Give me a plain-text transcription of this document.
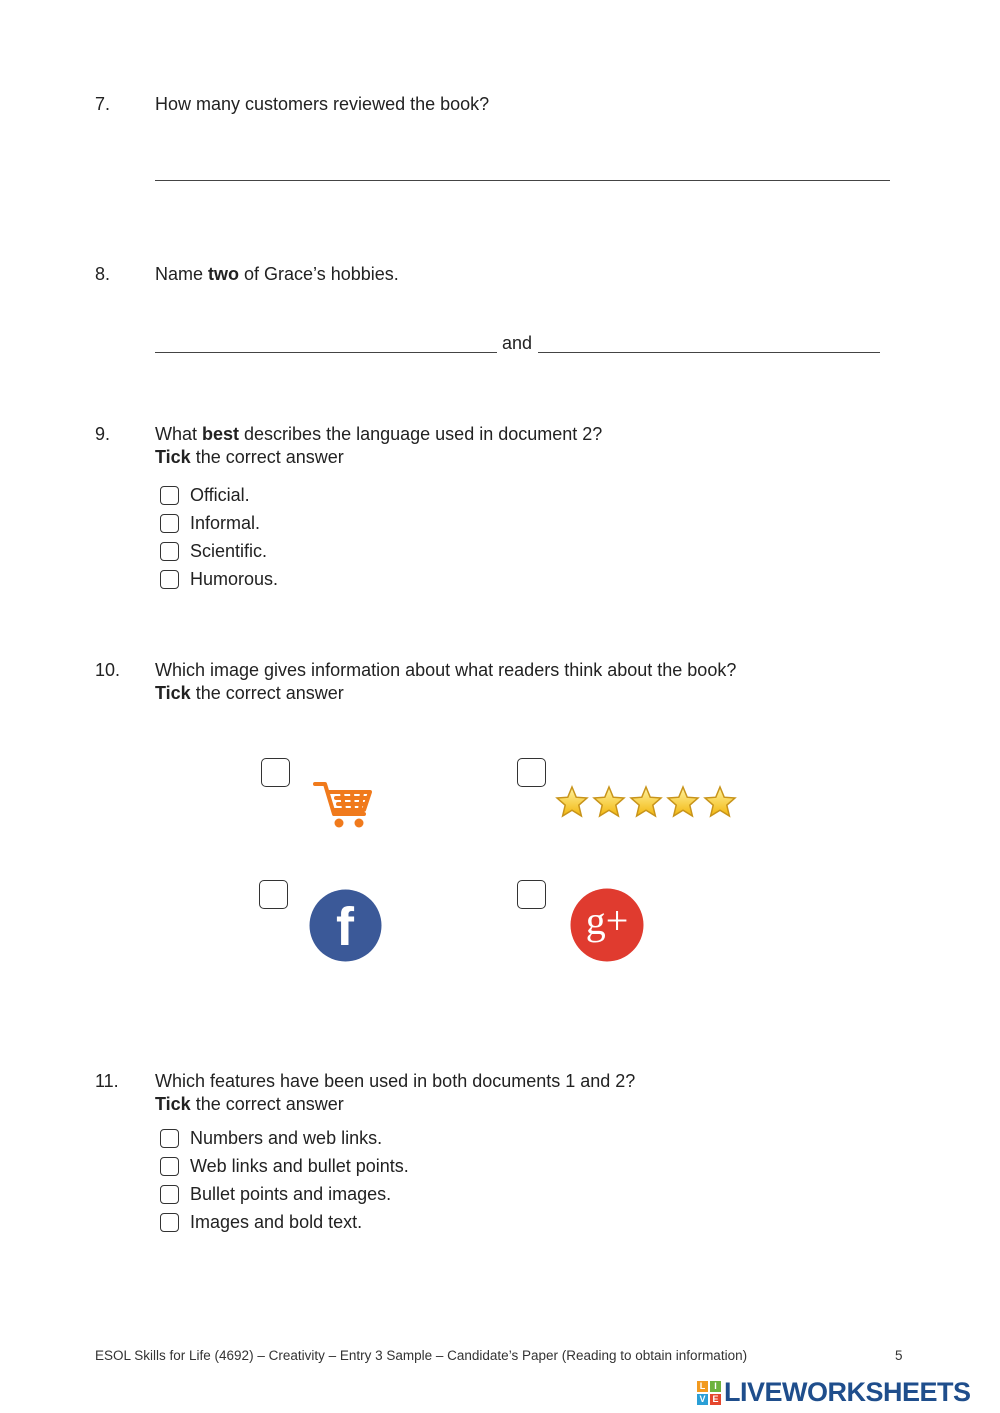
7. How many customers reviewed the book?
8. Name two of Grace’s hobbies.
and
9. What best describes the language used in document 2?
Tick the correct answer
Official.
Informal.
Scientific.
Humorous.
10. Which image gives information about what readers think about the book?
Tick the correct answer
f	g+
11. Which features have been used in both documents 1 and 2?
Tick the correct answer
Numbers and web links.
Web links and bullet points.
Bullet points and images.
Images and bold text.
ESOL Skills for Life (4692) – Creativity – Entry 3 Sample – Candidate’s Paper (Reading to obtain information)	5
L I
V E LIVEWORKSHEETS
